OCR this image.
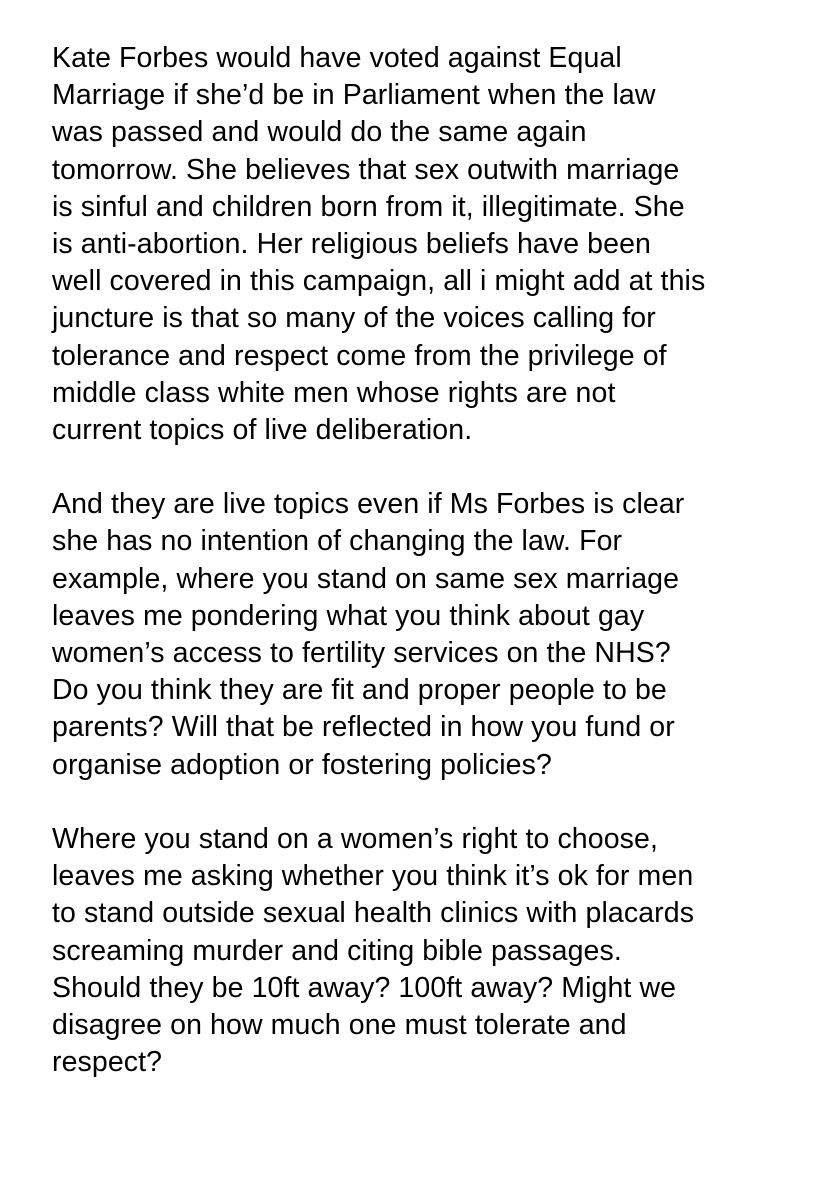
Kate Forbes would have voted against Equal
Marriage if she’d be in Parliament when the law
was passed and would do the same again
tomorrow. She believes that sex outwith marriage
is sinful and children born from it, illegitimate. She
is anti-abortion. Her religious beliefs have been
well covered in this campaign, all i might add at this
juncture is that so many of the voices calling for
tolerance and respect come from the privilege of
middle class white men whose rights are not
current topics of live deliberation.

And they are live topics even if Ms Forbes is clear
she has no intention of changing the law. For
example, where you stand on same sex marriage
leaves me pondering what you think about gay
women’s access to fertility services on the NHS?
Do you think they are fit and proper people to be
parents? Will that be reflected in how you fund or
organise adoption or fostering policies?

Where you stand on a women’s right to choose,
leaves me asking whether you think it’s ok for men
to stand outside sexual health clinics with placards
screaming murder and citing bible passages.
Should they be 10ft away? 100ft away? Might we
disagree on how much one must tolerate and
respect?
